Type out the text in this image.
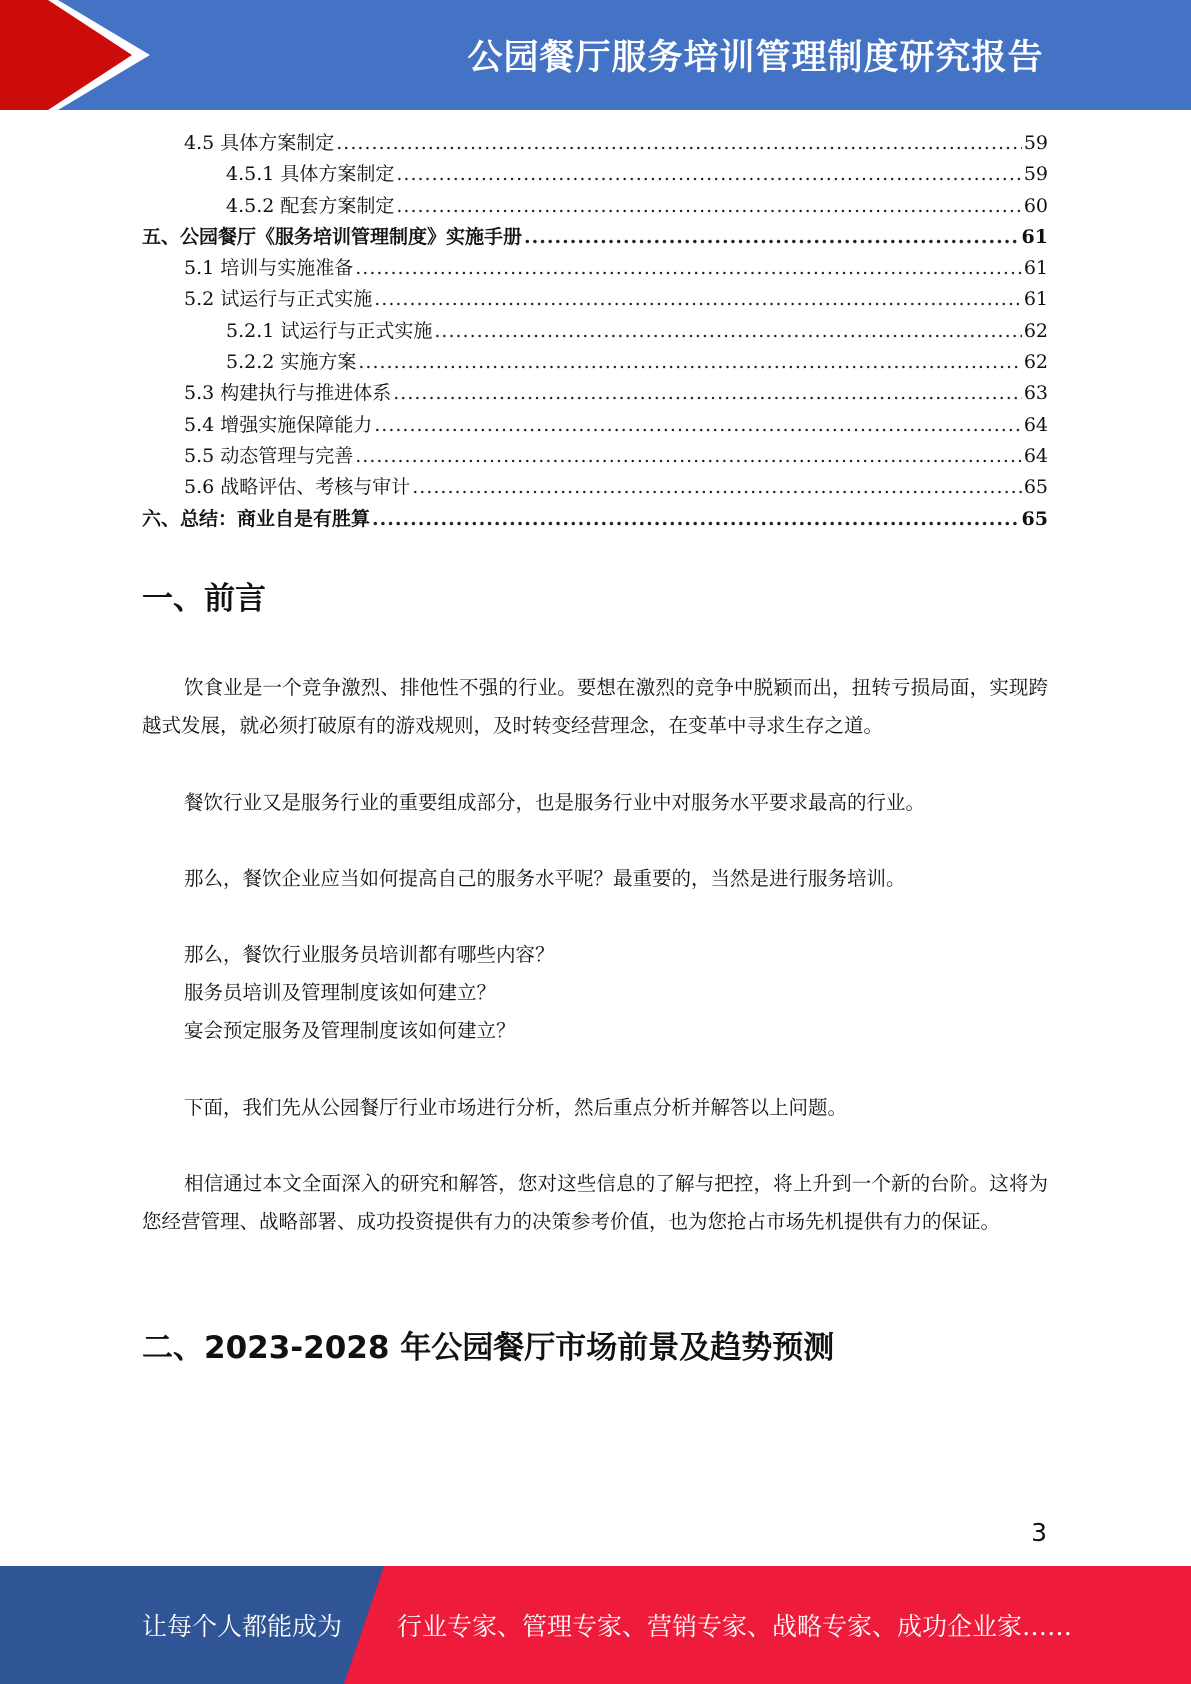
公园餐厅服务培训管理制度研究报告
4.5 具体方案制定 .....	59
4.5.1 具体方案制定 .....	59
4.5.2 配套方案制定 .....	60
五、公园餐厅《服务培训管理制度》实施手册 .....	61
5.1 培训与实施准备 .....	61
5.2 试运行与正式实施 .....	61
5.2.1 试运行与正式实施 .....	62
5.2.2 实施方案 .....	62
5.3 构建执行与推进体系 .....	63
5.4 增强实施保障能力 .....	64
5.5 动态管理与完善 .....	64
5.6 战略评估、考核与审计 .....	65
六、总结：商业自是有胜算 .....	65
一、前言
饮食业是一个竞争激烈、排他性不强的行业。要想在激烈的竞争中脱颖而出，扭转亏损局面，实现跨越式发展，就必须打破原有的游戏规则，及时转变经营理念，在变革中寻求生存之道。
餐饮行业又是服务行业的重要组成部分，也是服务行业中对服务水平要求最高的行业。
那么，餐饮企业应当如何提高自己的服务水平呢？最重要的，当然是进行服务培训。
那么，餐饮行业服务员培训都有哪些内容？
服务员培训及管理制度该如何建立？
宴会预定服务及管理制度该如何建立？
下面，我们先从公园餐厅行业市场进行分析，然后重点分析并解答以上问题。
相信通过本文全面深入的研究和解答，您对这些信息的了解与把控，将上升到一个新的台阶。这将为您经营管理、战略部署、成功投资提供有力的决策参考价值，也为您抢占市场先机提供有力的保证。
二、2023-2028 年公园餐厅市场前景及趋势预测
3
让每个人都能成为 行业专家、管理专家、营销专家、战略专家、成功企业家……
